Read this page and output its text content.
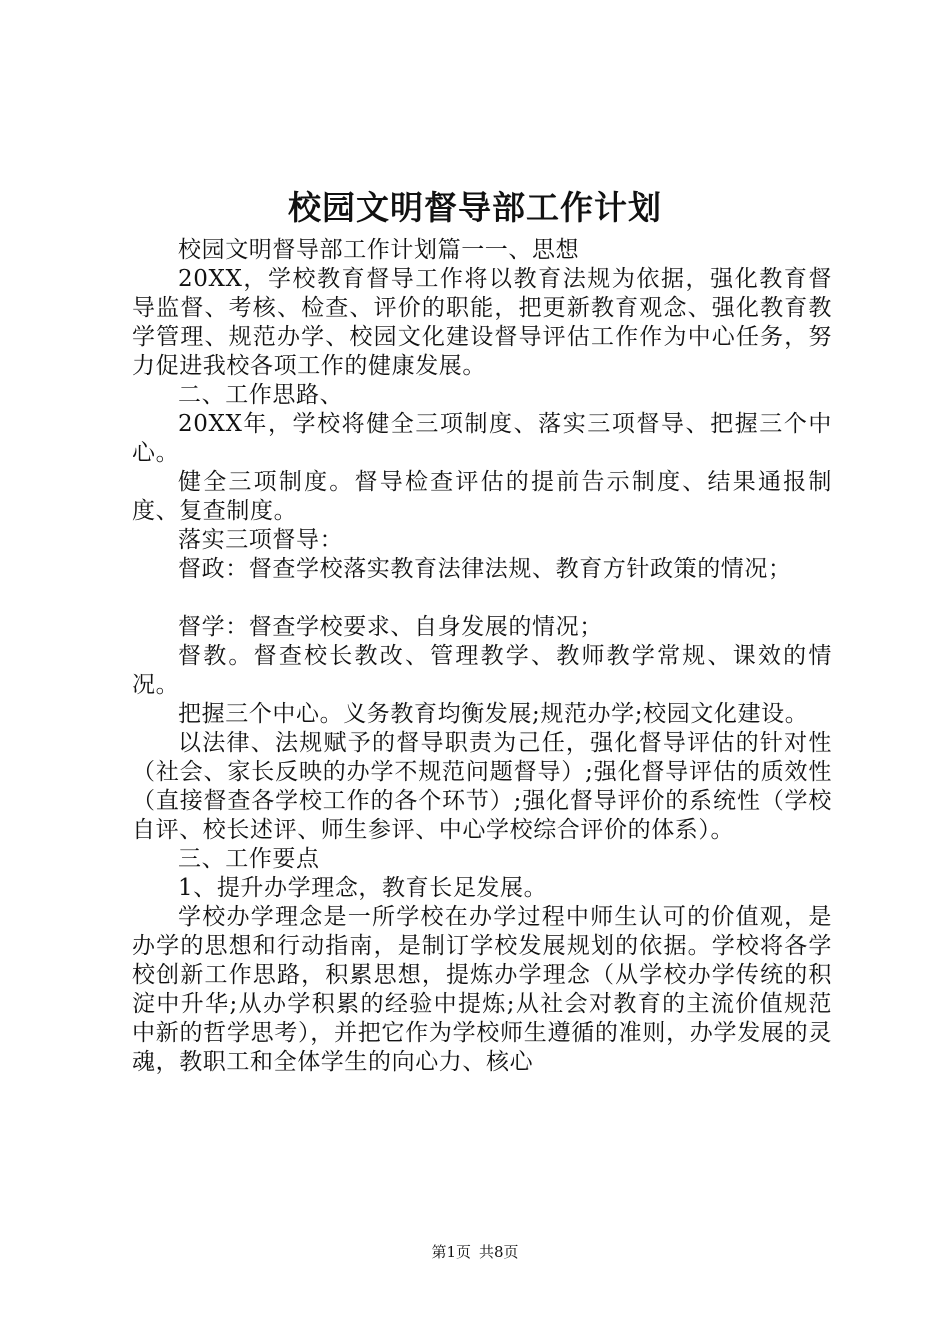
校园文明督导部工作计划

校园文明督导部工作计划篇一一、思想

20XX，学校教育督导工作将以教育法规为依据，强化教育督导监督、考核、检查、评价的职能，把更新教育观念、强化教育教学管理、规范办学、校园文化建设督导评估工作作为中心任务，努力促进我校各项工作的健康发展。

二、工作思路、

20XX年，学校将健全三项制度、落实三项督导、把握三个中心。

健全三项制度。督导检查评估的提前告示制度、结果通报制度、复查制度。

落实三项督导：

督政：督查学校落实教育法律法规、教育方针政策的情况；

督学：督查学校要求、自身发展的情况；

督教。督查校长教改、管理教学、教师教学常规、课效的情况。

把握三个中心。义务教育均衡发展;规范办学;校园文化建设。

以法律、法规赋予的督导职责为己任，强化督导评估的针对性（社会、家长反映的办学不规范问题督导）;强化督导评估的质效性（直接督查各学校工作的各个环节）;强化督导评价的系统性（学校自评、校长述评、师生参评、中心学校综合评价的体系）。

三、工作要点

1、提升办学理念，教育长足发展。

学校办学理念是一所学校在办学过程中师生认可的价值观，是办学的思想和行动指南，是制订学校发展规划的依据。学校将各学校创新工作思路，积累思想，提炼办学理念（从学校办学传统的积淀中升华;从办学积累的经验中提炼;从社会对教育的主流价值规范中新的哲学思考），并把它作为学校师生遵循的准则，办学发展的灵魂，教职工和全体学生的向心力、核心

第1页 共8页
